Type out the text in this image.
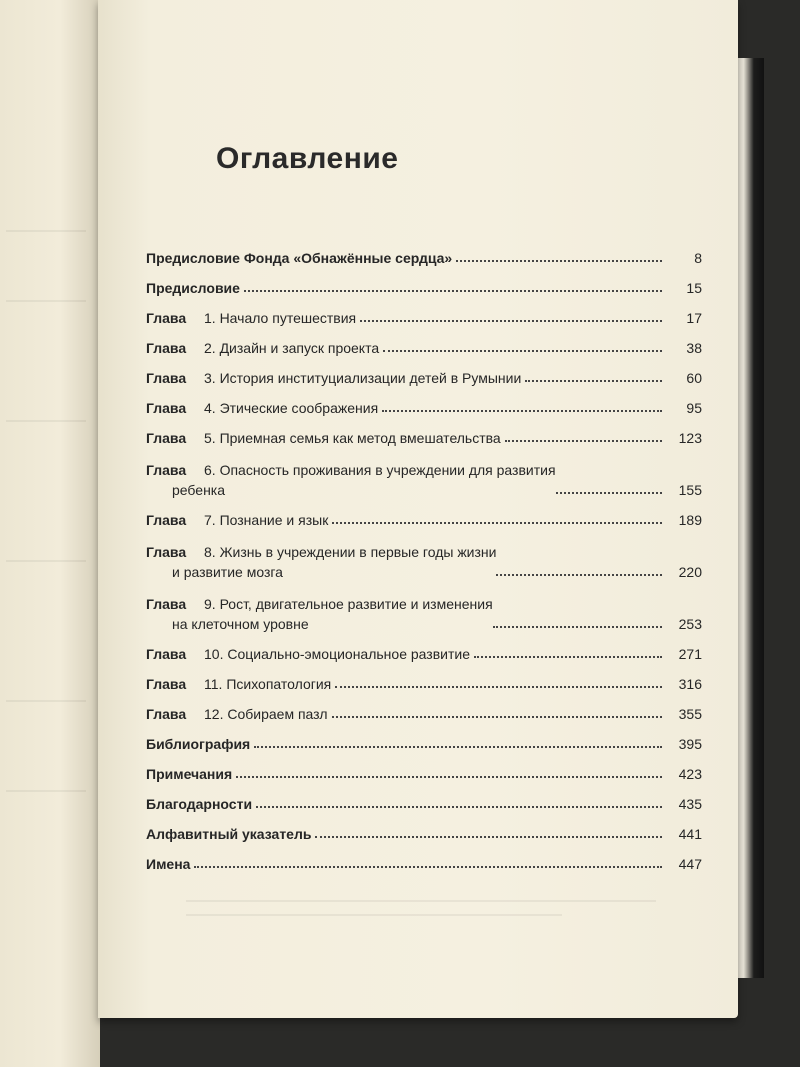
Оглавление
Предисловие Фонда «Обнажённые сердца»	8
Предисловие	15
Глава 1. Начало путешествия	17
Глава 2. Дизайн и запуск проекта	38
Глава 3. История институциализации детей в Румынии	60
Глава 4. Этические соображения	95
Глава 5. Приемная семья как метод вмешательства	123
Глава 6. Опасность проживания в учреждении для развития
ребенка	155
Глава 7. Познание и язык	189
Глава 8. Жизнь в учреждении в первые годы жизни
и развитие мозга	220
Глава 9. Рост, двигательное развитие и изменения
на клеточном уровне	253
Глава 10. Социально-эмоциональное развитие	271
Глава 11. Психопатология	316
Глава 12. Собираем пазл	355
Библиография	395
Примечания	423
Благодарности	435
Алфавитный указатель	441
Имена	447
